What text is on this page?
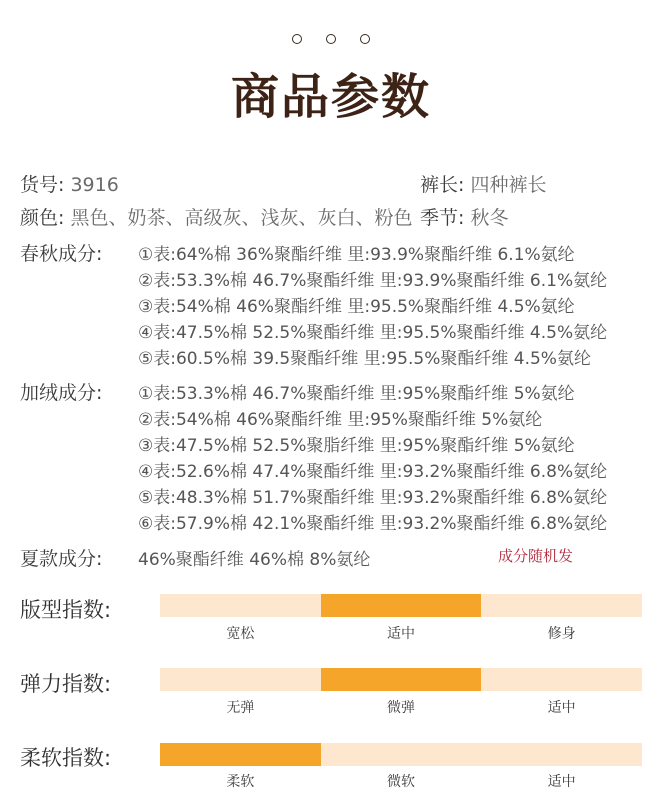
商品参数
货号: 3916	裤长: 四种裤长
颜色: 黑色、奶茶、高级灰、浅灰、灰白、粉色 季节: 秋冬
春秋成分: ①表:64%棉 36%聚酯纤维 里:93.9%聚酯纤维 6.1%氨纶
②表:53.3%棉 46.7%聚酯纤维 里:93.9%聚酯纤维 6.1%氨纶
③表:54%棉 46%聚酯纤维 里:95.5%聚酯纤维 4.5%氨纶
④表:47.5%棉 52.5%聚酯纤维 里:95.5%聚酯纤维 4.5%氨纶
⑤表:60.5%棉 39.5聚酯纤维 里:95.5%聚酯纤维 4.5%氨纶
加绒成分: ①表:53.3%棉 46.7%聚酯纤维 里:95%聚酯纤维 5%氨纶
②表:54%棉 46%聚酯纤维 里:95%聚酯纤维 5%氨纶
③表:47.5%棉 52.5%聚脂纤维 里:95%聚酯纤维 5%氨纶
④表:52.6%棉 47.4%聚酯纤维 里:93.2%聚酯纤维 6.8%氨纶
⑤表:48.3%棉 51.7%聚酯纤维 里:93.2%聚酯纤维 6.8%氨纶
⑥表:57.9%棉 42.1%聚酯纤维 里:93.2%聚酯纤维 6.8%氨纶
夏款成分: 46%聚酯纤维 46%棉 8%氨纶	成分随机发
版型指数:
宽松	适中	修身
弹力指数:
无弹	微弹	适中
柔软指数:
柔软	微软	适中
